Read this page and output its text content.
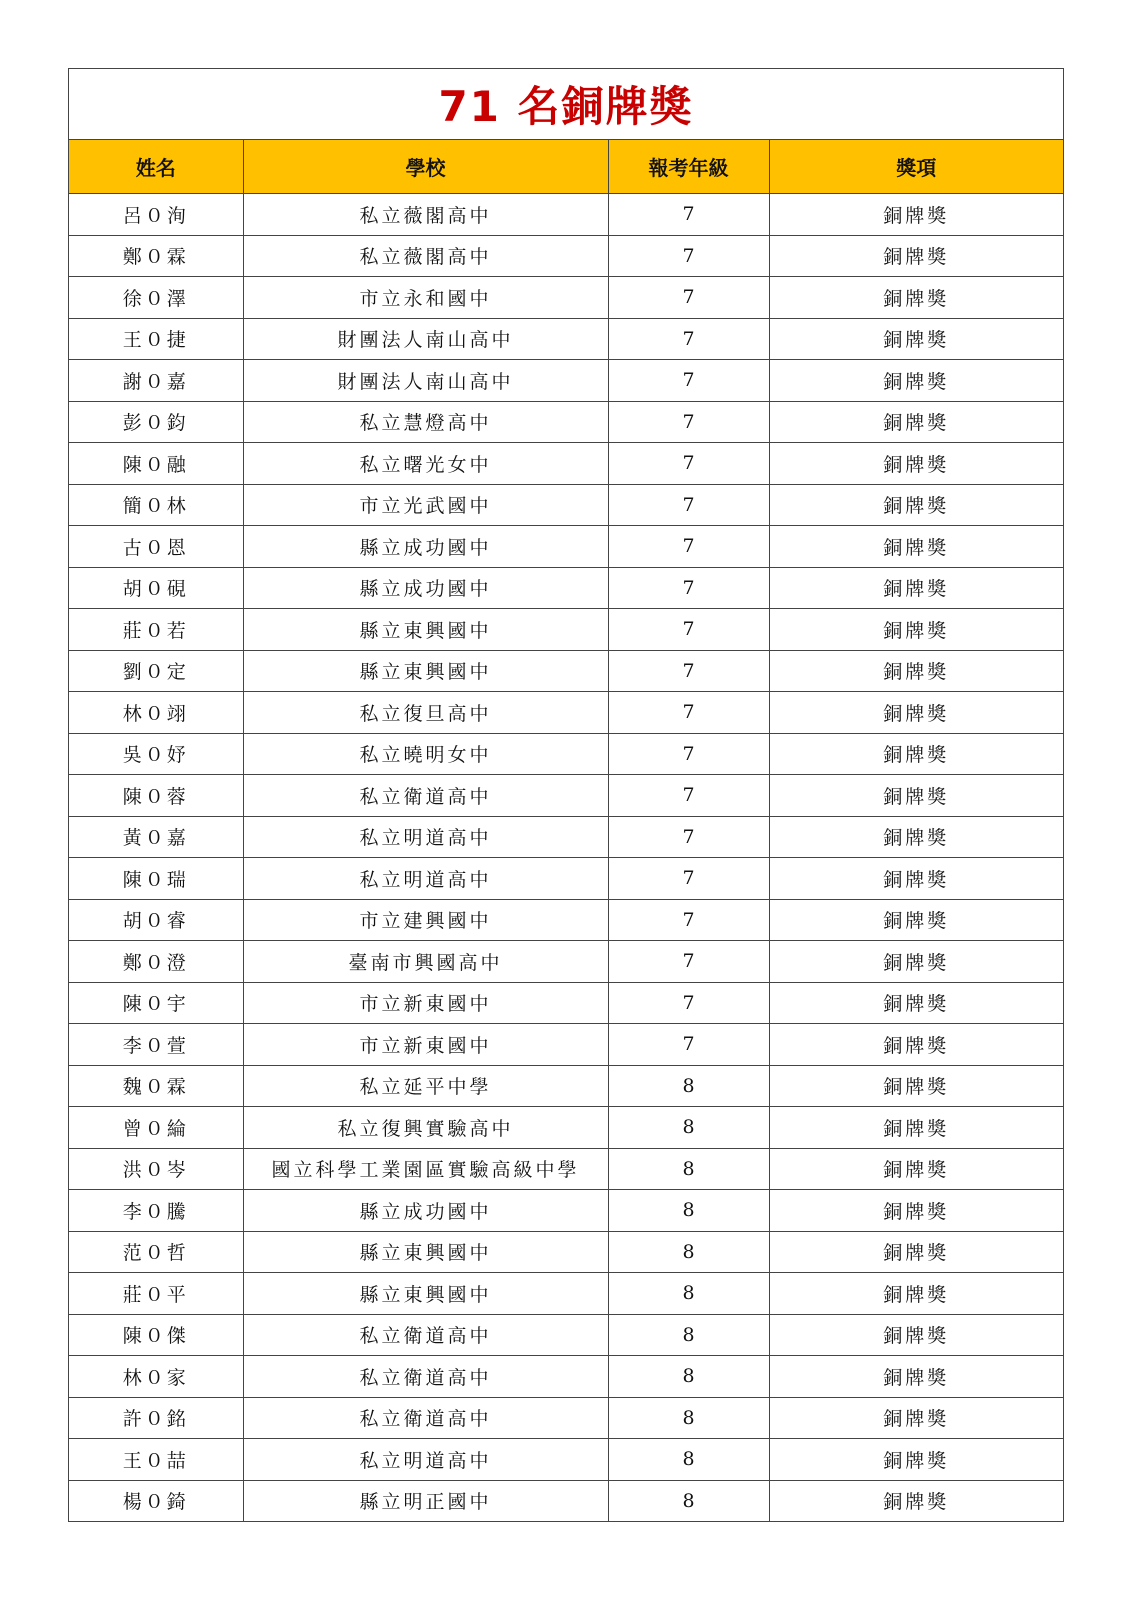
71 名銅牌獎
姓名	學校	報考年級	獎項
呂０洵	私立薇閣高中	7	銅牌獎
鄭０霖	私立薇閣高中	7	銅牌獎
徐０澤	市立永和國中	7	銅牌獎
王０捷	財團法人南山高中	7	銅牌獎
謝０嘉	財團法人南山高中	7	銅牌獎
彭０鈞	私立慧燈高中	7	銅牌獎
陳０融	私立曙光女中	7	銅牌獎
簡０林	市立光武國中	7	銅牌獎
古０恩	縣立成功國中	7	銅牌獎
胡０硯	縣立成功國中	7	銅牌獎
莊０若	縣立東興國中	7	銅牌獎
劉０定	縣立東興國中	7	銅牌獎
林０翊	私立復旦高中	7	銅牌獎
吳０妤	私立曉明女中	7	銅牌獎
陳０蓉	私立衛道高中	7	銅牌獎
黃０嘉	私立明道高中	7	銅牌獎
陳０瑞	私立明道高中	7	銅牌獎
胡０睿	市立建興國中	7	銅牌獎
鄭０澄	臺南市興國高中	7	銅牌獎
陳０宇	市立新東國中	7	銅牌獎
李０萱	市立新東國中	7	銅牌獎
魏０霖	私立延平中學	8	銅牌獎
曾０綸	私立復興實驗高中	8	銅牌獎
洪０岑	國立科學工業園區實驗高級中學	8	銅牌獎
李０騰	縣立成功國中	8	銅牌獎
范０哲	縣立東興國中	8	銅牌獎
莊０平	縣立東興國中	8	銅牌獎
陳０傑	私立衛道高中	8	銅牌獎
林０家	私立衛道高中	8	銅牌獎
許０銘	私立衛道高中	8	銅牌獎
王０喆	私立明道高中	8	銅牌獎
楊０錡	縣立明正國中	8	銅牌獎
